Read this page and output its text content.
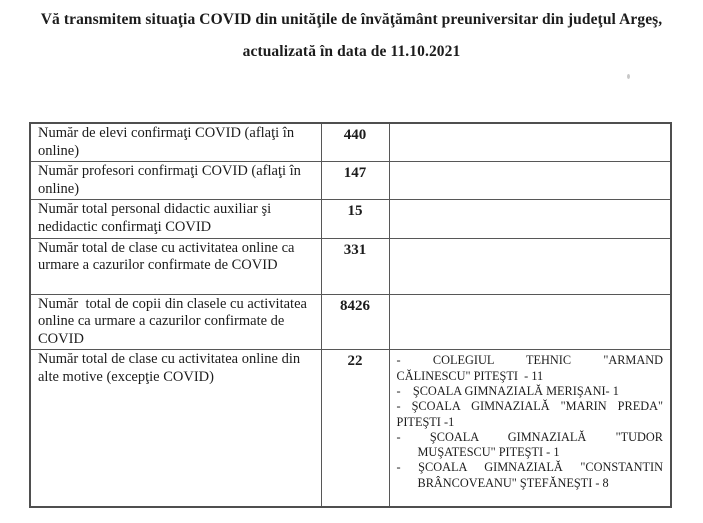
Vă transmitem situaţia COVID din unităţile de învăţământ preuniversitar din judeţul Argeş,
actualizată în data de 11.10.2021
Număr de elevi confirmaţi COVID (aflaţi în online)	440	
Număr profesori confirmaţi COVID (aflaţi în online)	147	
Număr total personal didactic auxiliar şi nedidactic confirmaţi COVID	15	
Număr total de clase cu activitatea online ca urmare a cazurilor confirmate de COVID	331	
Număr  total de copii din clasele cu activitatea online ca urmare a cazurilor confirmate de  COVID	8426	
Număr total de clase cu activitatea online din alte motive (excepţie COVID)	22	- COLEGIUL TEHNIC "ARMAND
CĂLINESCU" PITEŞTI  - 11
-    ŞCOALA GIMNAZIALĂ MERIŞANI- 1
- ŞCOALA GIMNAZIALĂ "MARIN PREDA"
PITEŞTI -1
- ŞCOALA GIMNAZIALĂ "TUDOR
MUŞATESCU" PITEŞTI - 1
- ŞCOALA GIMNAZIALĂ "CONSTANTIN
BRÂNCOVEANU" ŞTEFĂNEŞTI - 8
